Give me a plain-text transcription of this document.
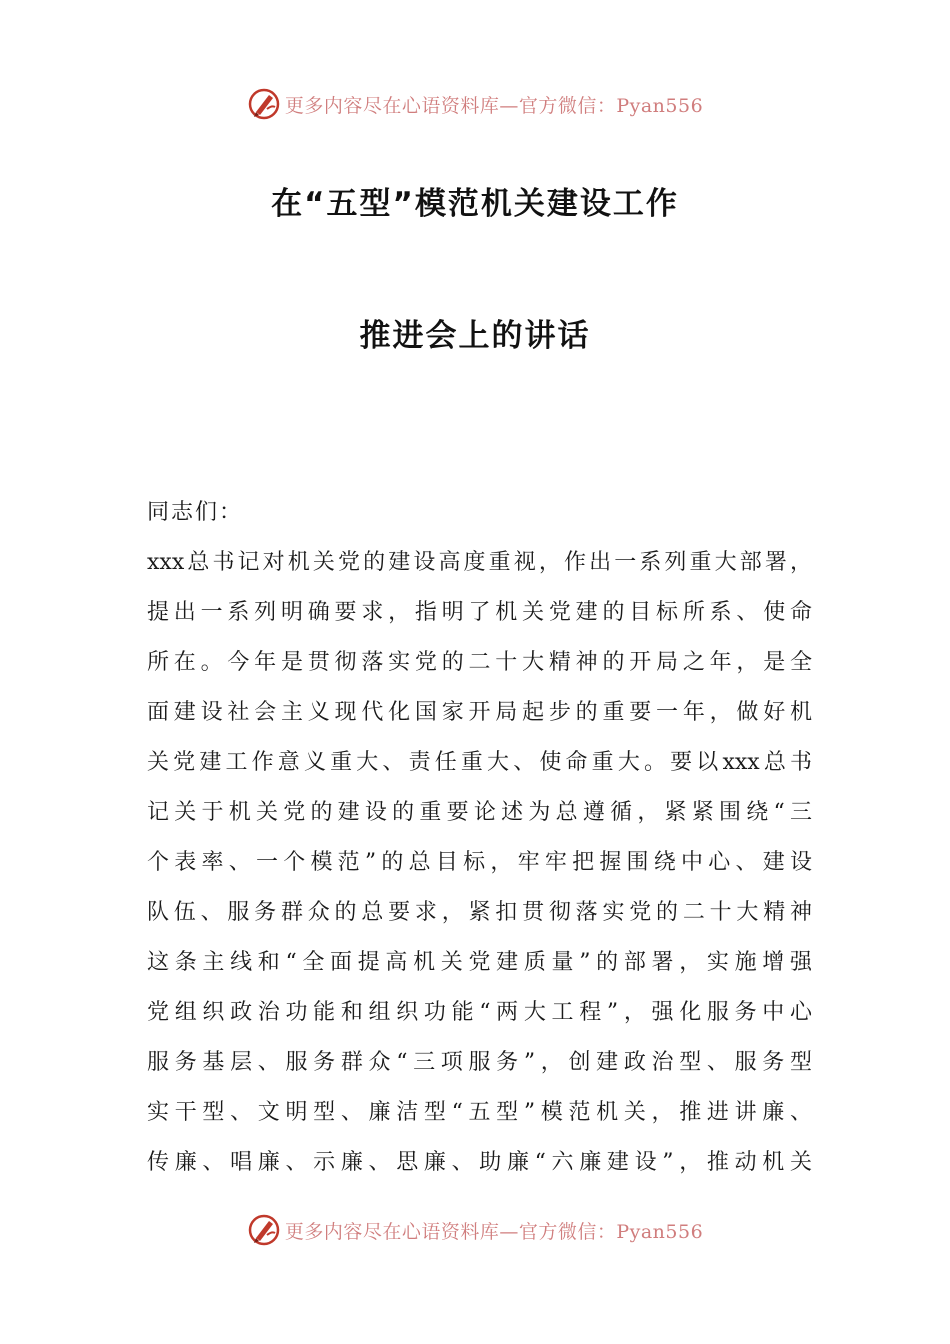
更多内容尽在心语资料库—官方微信：Pyan556
在“五型”模范机关建设工作
推进会上的讲话
同志们：
xxx总书记对机关党的建设高度重视，作出一系列重大部署，
提出一系列明确要求，指明了机关党建的目标所系、使命
所在。今年是贯彻落实党的二十大精神的开局之年，是全
面建设社会主义现代化国家开局起步的重要一年，做好机
关党建工作意义重大、责任重大、使命重大。要以xxx总书
记关于机关党的建设的重要论述为总遵循，紧紧围绕“三
个表率、一个模范”的总目标，牢牢把握围绕中心、建设
队伍、服务群众的总要求，紧扣贯彻落实党的二十大精神
这条主线和“全面提高机关党建质量”的部署，实施增强
党组织政治功能和组织功能“两大工程”，强化服务中心
服务基层、服务群众“三项服务”，创建政治型、服务型
实干型、文明型、廉洁型“五型”模范机关，推进讲廉、
传廉、唱廉、示廉、思廉、助廉“六廉建设”，推动机关
更多内容尽在心语资料库—官方微信：Pyan556
